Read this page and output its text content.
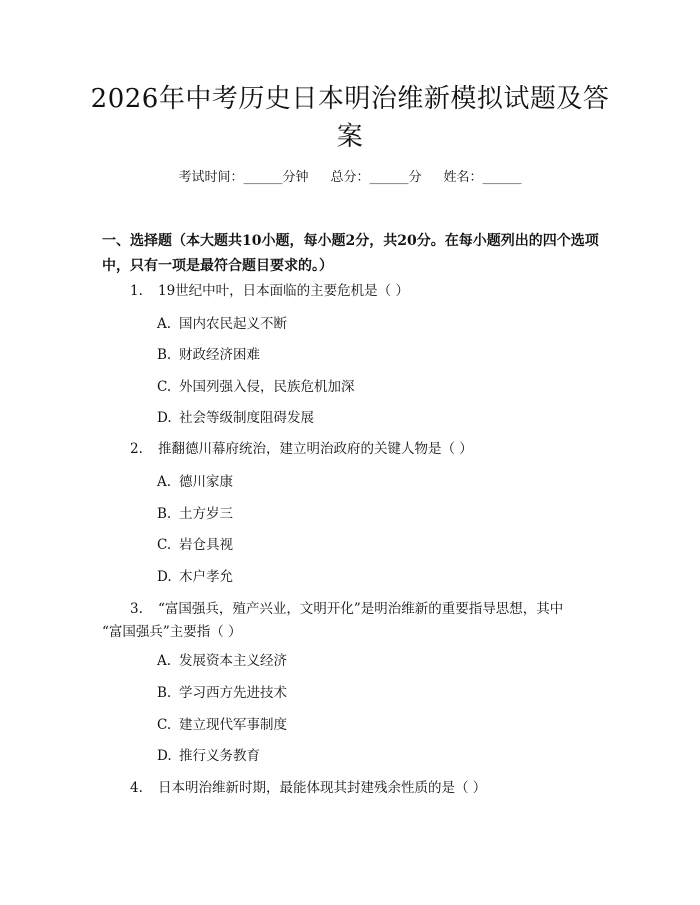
2026年中考历史日本明治维新模拟试题及答案
考试时间：______分钟 总分：______分 姓名：______
一、选择题（本大题共10小题，每小题2分，共20分。在每小题列出的四个选项中，只有一项是最符合题目要求的。）
1. 19世纪中叶，日本面临的主要危机是（ ）
A. 国内农民起义不断
B. 财政经济困难
C. 外国列强入侵，民族危机加深
D. 社会等级制度阻碍发展
2. 推翻德川幕府统治，建立明治政府的关键人物是（ ）
A. 德川家康
B. 土方岁三
C. 岩仓具视
D. 木户孝允
3. “富国强兵，殖产兴业，文明开化”是明治维新的重要指导思想，其中
“富国强兵”主要指（ ）
A. 发展资本主义经济
B. 学习西方先进技术
C. 建立现代军事制度
D. 推行义务教育
4. 日本明治维新时期，最能体现其封建残余性质的是（ ）
